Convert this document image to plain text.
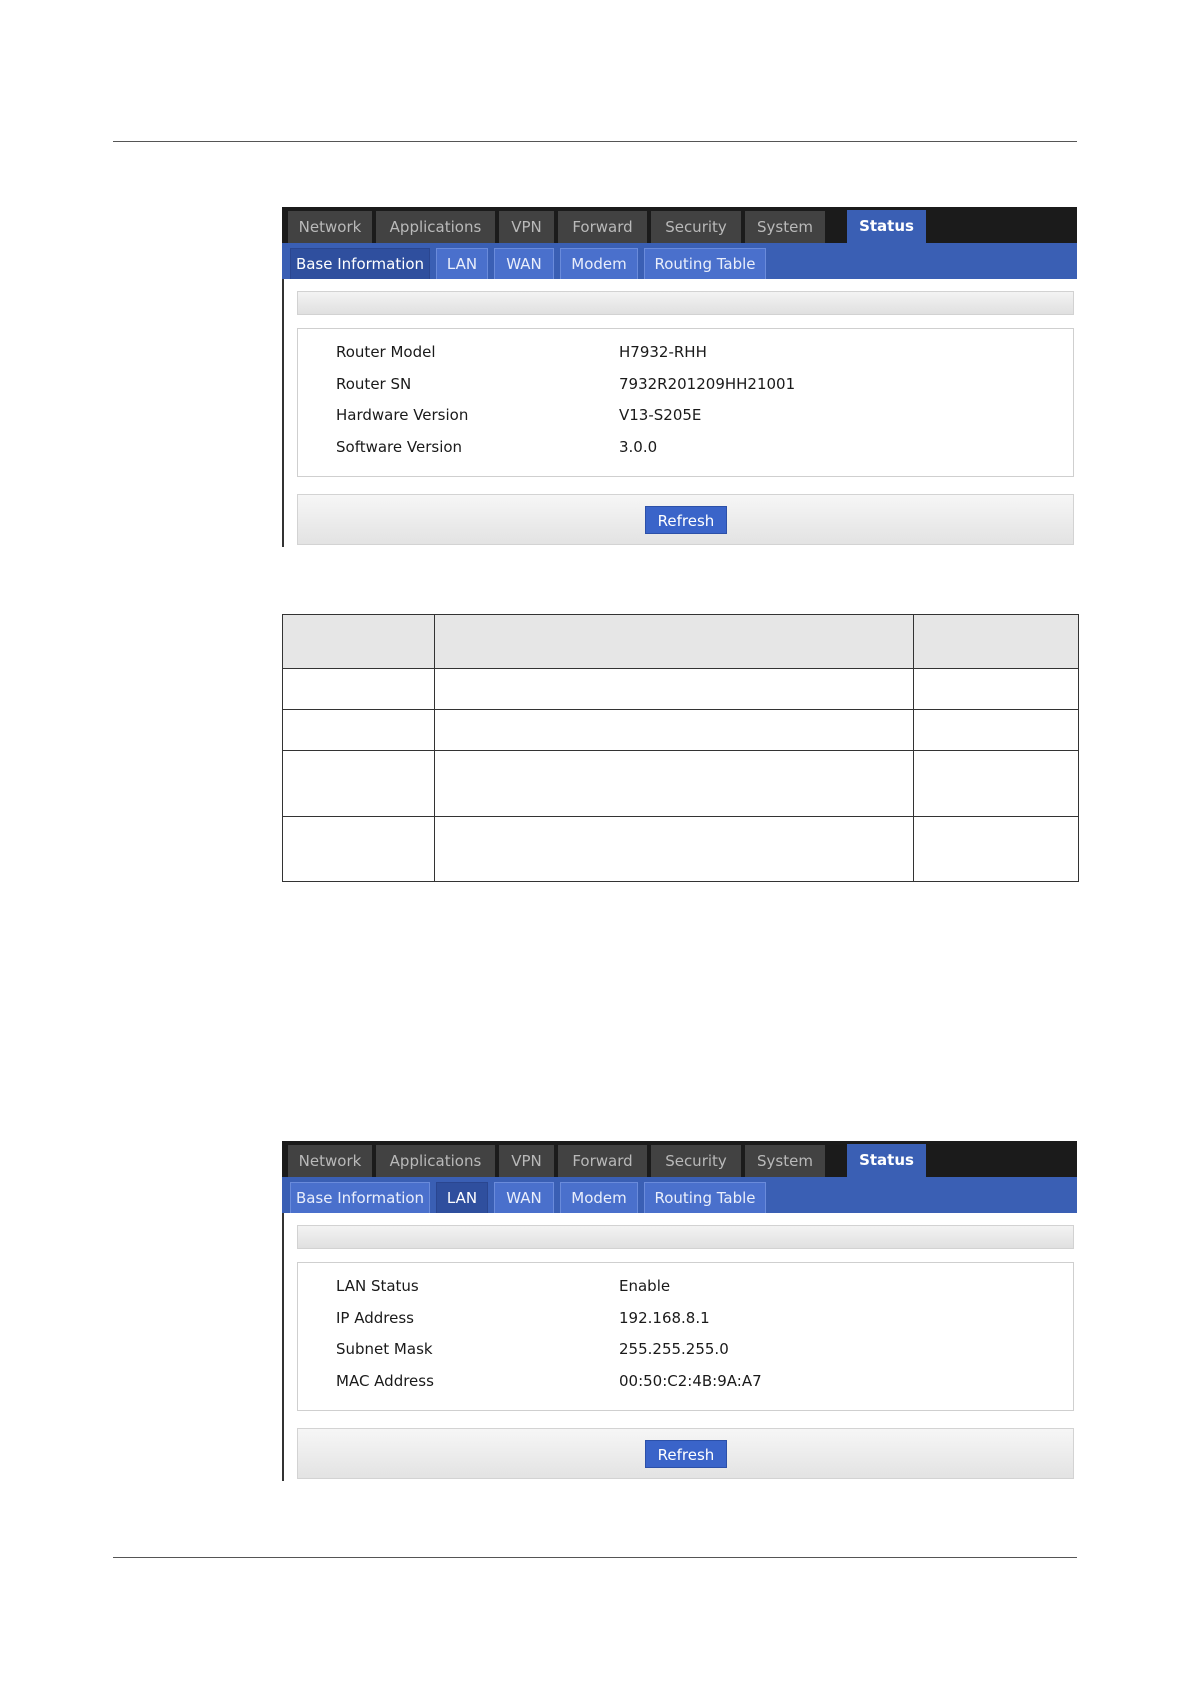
Network	Applications	VPN	Forward	Security	System	Status
Base Information	LAN	WAN	Modem	Routing Table
Router Model	H7932-RHH
Router SN	7932R201209HH21001
Hardware Version	V13-S205E
Software Version	3.0.0
Refresh

Network	Applications	VPN	Forward	Security	System	Status
Base Information	LAN	WAN	Modem	Routing Table
LAN Status	Enable
IP Address	192.168.8.1
Subnet Mask	255.255.255.0
MAC Address	00:50:C2:4B:9A:A7
Refresh
